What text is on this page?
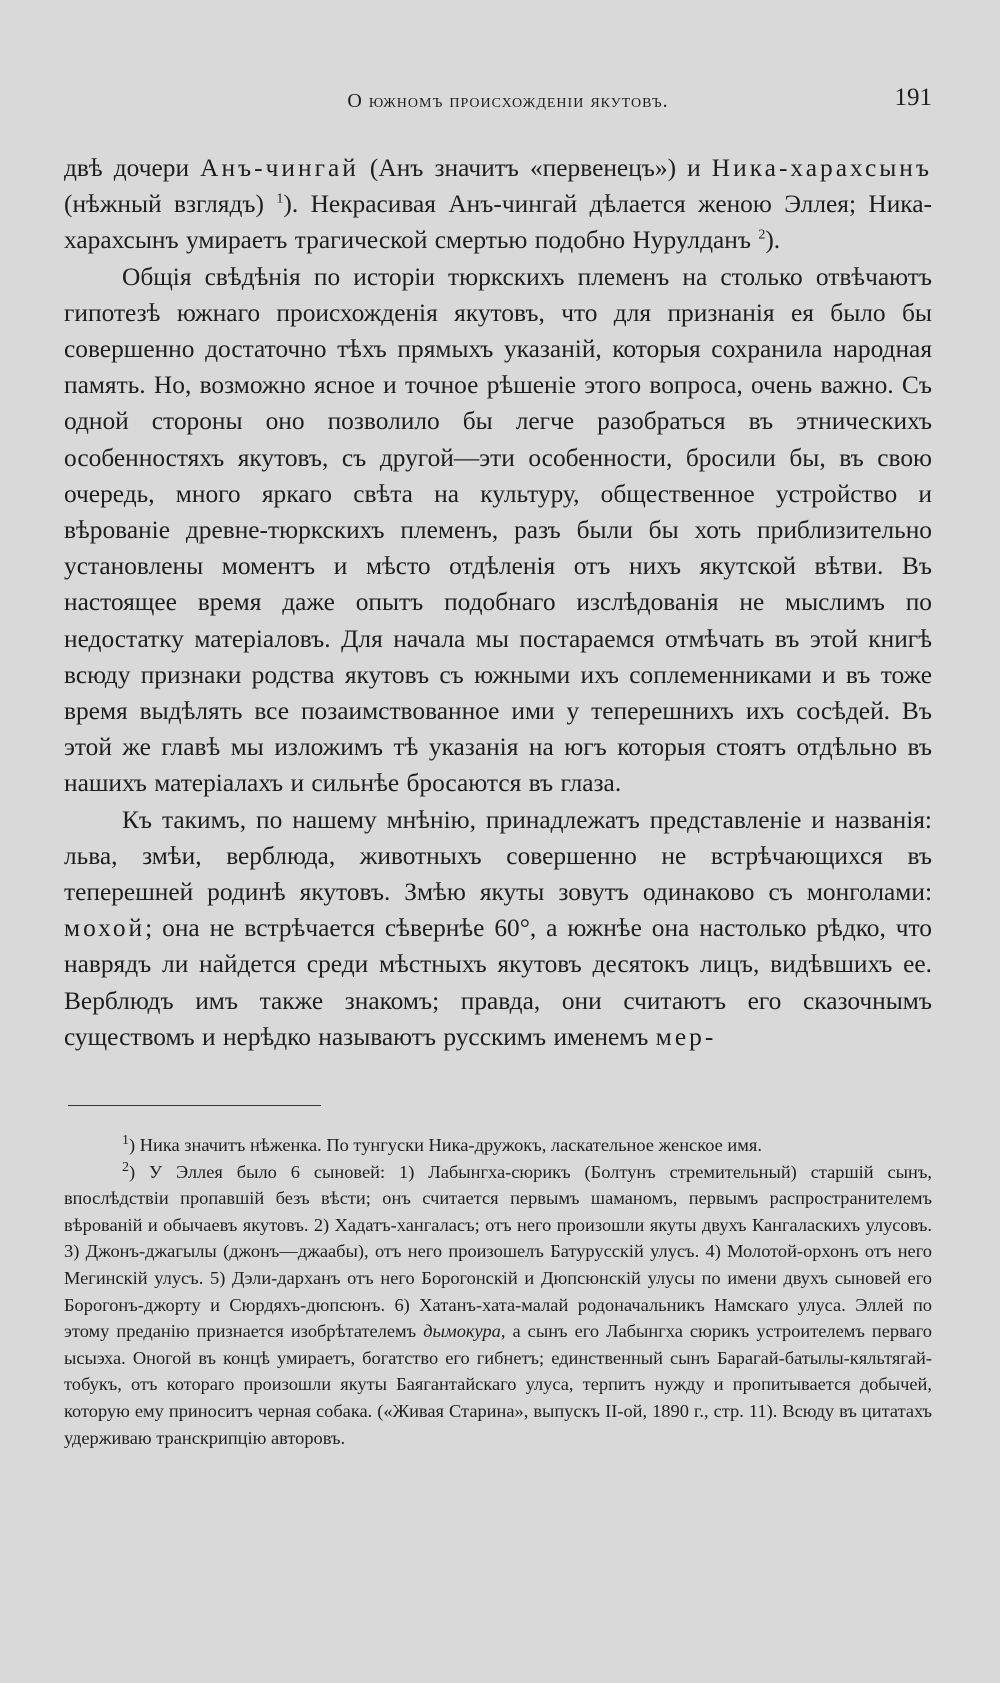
О южномъ происхожденіи якутовъ.	191

двѣ дочери Анъ-чингай (Анъ значитъ «первенецъ») и Ника-харахсынъ (нѣжный взглядъ) $^1$). Некрасивая Анъ-чингай дѣлается женою Эллея; Ника-харахсынъ умираетъ трагической смертью подобно Нурулданъ $^2$).

Общія свѣдѣнія по исторіи тюркскихъ племенъ на столько отвѣчаютъ гипотезѣ южнаго происхожденія якутовъ, что для признанія ея было бы совершенно достаточно тѣхъ прямыхъ указаній, которыя сохранила народная память. Но, возможно ясное и точное рѣшеніе этого вопроса, очень важно. Съ одной стороны оно позволило бы легче разобраться въ этническихъ особенностяхъ якутовъ, съ другой—эти особенности, бросили бы, въ свою очередь, много яркаго свѣта на культуру, общественное устройство и вѣрованіе древне-тюркскихъ племенъ, разъ были бы хоть приблизительно установлены моментъ и мѣсто отдѣленія отъ нихъ якутской вѣтви. Въ настоящее время даже опытъ подобнаго изслѣдованія не мыслимъ по недостатку матеріаловъ. Для начала мы постараемся отмѣчать въ этой книгѣ всюду признаки родства якутовъ съ южными ихъ соплеменниками и въ тоже время выдѣлять все позаимствованное ими у теперешнихъ ихъ сосѣдей. Въ этой же главѣ мы изложимъ тѣ указанія на югъ которыя стоятъ отдѣльно въ нашихъ матеріалахъ и сильнѣе бросаются въ глаза.

Къ такимъ, по нашему мнѣнію, принадлежатъ представленіе и названія: льва, змѣи, верблюда, животныхъ совершенно не встрѣчающихся въ теперешней родинѣ якутовъ. Змѣю якуты зовутъ одинаково съ монголами: мохой; она не встрѣчается сѣвернѣе 60°, а южнѣе она настолько рѣдко, что наврядъ ли найдется среди мѣстныхъ якутовъ десятокъ лицъ, видѣвшихъ ее. Верблюдъ имъ также знакомъ; правда, они считаютъ его сказочнымъ существомъ и нерѣдко называютъ русскимъ именемъ мер-

$^1$) Ника значитъ нѣженка. По тунгуски Ника-дружокъ, ласкательное женское имя.

$^2$) У Эллея было 6 сыновей: 1) Лабынгха-сюрикъ (Болтунъ стремительный) старшій сынъ, впослѣдствіи пропавшій безъ вѣсти; онъ считается первымъ шаманомъ, первымъ распространителемъ вѣрованій и обычаевъ якутовъ. 2) Хадатъ-хангаласъ; отъ него произошли якуты двухъ Кангаласкихъ улусовъ. 3) Джонъ-джагылы (джонъ—джаабы), отъ него произошелъ Батурусскій улусъ. 4) Молотой-орхонъ отъ него Мегинскій улусъ. 5) Дэли-дарханъ отъ него Борогонскій и Дюпсюнскій улусы по имени двухъ сыновей его Борогонъ-джорту и Сюрдяхъ-дюпсюнъ. 6) Хатанъ-хата-малай родоначальникъ Намскаго улуса. Эллей по этому преданію признается изобрѣтателемъ дымокура, а сынъ его Лабынгха сюрикъ устроителемъ перваго ысыэха. Оногой въ концѣ умираетъ, богатство его гибнетъ; единственный сынъ Барагай-батылы-кяльтягай-тобукъ, отъ котораго произошли якуты Баягантайскаго улуса, терпитъ нужду и пропитывается добычей, которую ему приноситъ черная собака. («Живая Старина», выпускъ II-ой, 1890 г., стр. 11). Всюду въ цитатахъ удерживаю транскрипцію авторовъ.
